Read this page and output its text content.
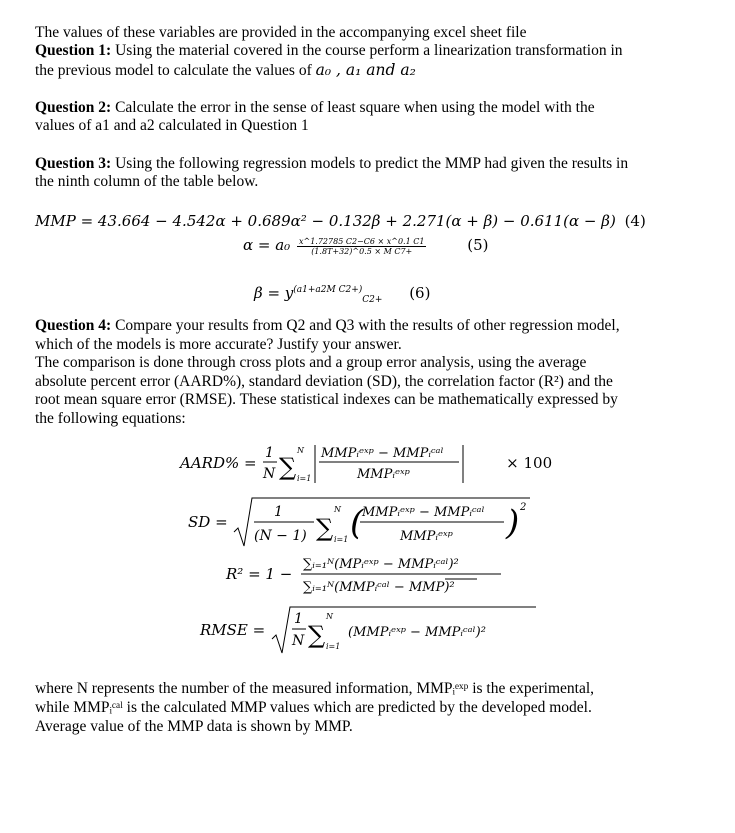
The values of these variables are provided in the accompanying excel sheet file
Question 1: Using the material covered in the course perform a linearization transformation in
the previous model to calculate the values of a₀ , a₁ and a₂
Question 2: Calculate the error in the sense of least square when using the model with the
values of a1 and a2 calculated in Question 1
Question 3: Using the following regression models to predict the MMP had given the results in
the ninth column of the table below.
MMP = 43.664 − 4.542α + 0.689α² − 0.132β + 2.271(α + β) − 0.611(α − β) (4)
$\alpha = a_0 \frac{x\^{}1.72785 C2-C6 \times x\^{}0.1 C1}{\text{(1.8T+32)\textasciicircum{}0.5 × M C7+}}$	(5)
$\beta = y^{(a1+a2M C2+)}_{C2+}$ (6)
Question 4: Compare your results from Q2 and Q3 with the results of other regression model,
which of the models is more accurate? Justify your answer.
The comparison is done through cross plots and a group error analysis, using the average
absolute percent error (AARD%), standard deviation (SD), the correlation factor (R²) and the
root mean square error (RMSE). These statistical indexes can be mathematically expressed by
the following equations:
AARD% =
1
N ∑
N
i=1
MMPᵢᵉˣᵖ − MMPᵢᶜᵃˡ
MMPᵢᵉˣᵖ
× 100
SD =
1
(N − 1) ∑
N
i=1 (
MMPᵢᵉˣᵖ − MMPᵢᶜᵃˡ
MMPᵢᵉˣᵖ ) 2
R² = 1 −
∑ᵢ₌₁ᴺ(MPᵢᵉˣᵖ − MMPᵢᶜᵃˡ)²
∑ᵢ₌₁ᴺ(MMPᵢᶜᵃˡ − MMP)²
RMSE =
1
N ∑
N
i=1
(MMPᵢᵉˣᵖ − MMPᵢᶜᵃˡ)²
where N represents the number of the measured information, MMPᵢᵉˣᵖ is the experimental,
while MMPᵢᶜᵃˡ is the calculated MMP values which are predicted by the developed model.
Average value of the MMP data is shown by MMP.
